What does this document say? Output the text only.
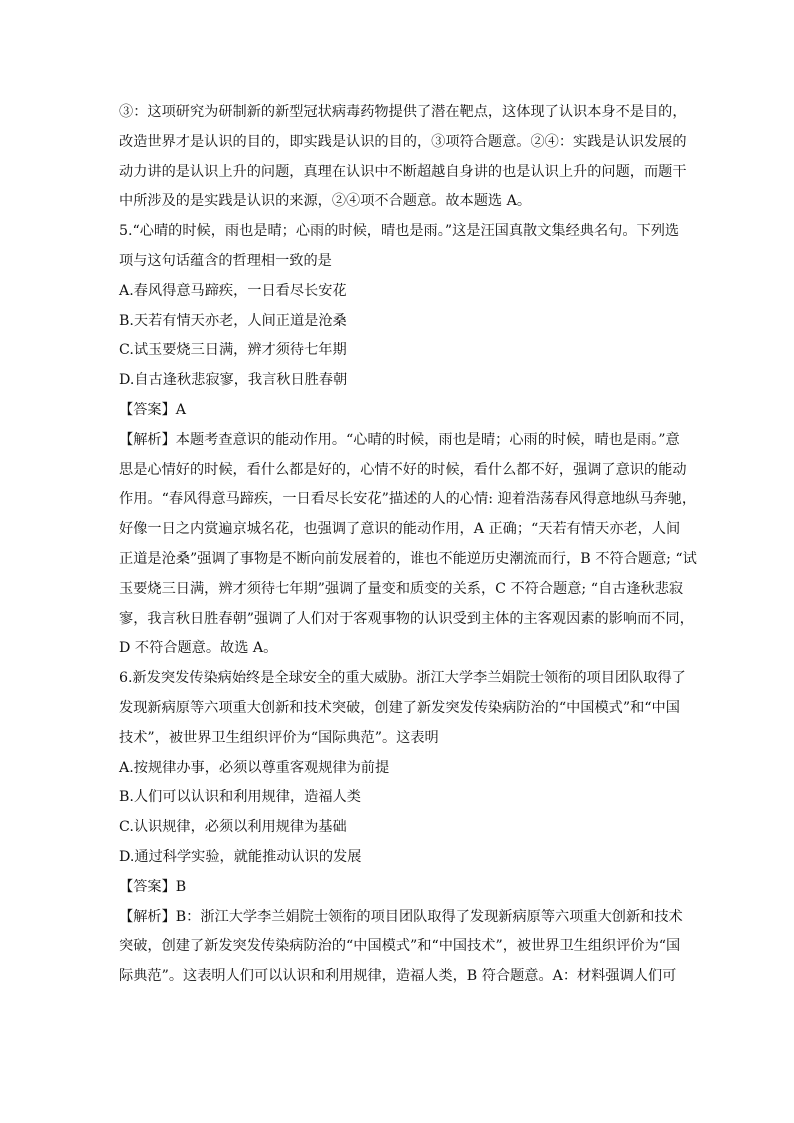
③：这项研究为研制新的新型冠状病毒药物提供了潜在靶点，这体现了认识本身不是目的，
改造世界才是认识的目的，即实践是认识的目的，③项符合题意。②④：实践是认识发展的
动力讲的是认识上升的问题，真理在认识中不断超越自身讲的也是认识上升的问题，而题干
中所涉及的是实践是认识的来源，②④项不合题意。故本题选 A。
5.“心晴的时候，雨也是晴；心雨的时候，晴也是雨。”这是汪国真散文集经典名句。下列选
项与这句话蕴含的哲理相一致的是
A.春风得意马蹄疾，一日看尽长安花
B.天若有情天亦老，人间正道是沧桑
C.试玉要烧三日满，辨才须待七年期
D.自古逢秋悲寂寥，我言秋日胜春朝
【答案】A
【解析】本题考查意识的能动作用。“心晴的时候，雨也是晴；心雨的时候，晴也是雨。”意
思是心情好的时候，看什么都是好的，心情不好的时候，看什么都不好，强调了意识的能动
作用。“春风得意马蹄疾，一日看尽长安花”描述的人的心情: 迎着浩荡春风得意地纵马奔驰，
好像一日之内赏遍京城名花，也强调了意识的能动作用，A 正确；“天若有情天亦老，人间
正道是沧桑”强调了事物是不断向前发展着的，谁也不能逆历史潮流而行，B 不符合题意; “试
玉要烧三日满，辨才须待七年期”强调了量变和质变的关系，C 不符合题意; “自古逢秋悲寂
寥，我言秋日胜春朝”强调了人们对于客观事物的认识受到主体的主客观因素的影响而不同，
D 不符合题意。故选 A。
6.新发突发传染病始终是全球安全的重大威胁。浙江大学李兰娟院士领衔的项目团队取得了
发现新病原等六项重大创新和技术突破，创建了新发突发传染病防治的“中国模式”和“中国
技术”，被世界卫生组织评价为“国际典范”。这表明
A.按规律办事，必须以尊重客观规律为前提
B.人们可以认识和利用规律，造福人类
C.认识规律，必须以利用规律为基础
D.通过科学实验，就能推动认识的发展
【答案】B
【解析】B：浙江大学李兰娟院士领衔的项目团队取得了发现新病原等六项重大创新和技术
突破，创建了新发突发传染病防治的“中国模式”和“中国技术”，被世界卫生组织评价为“国
际典范”。这表明人们可以认识和利用规律，造福人类，B 符合题意。A：材料强调人们可
